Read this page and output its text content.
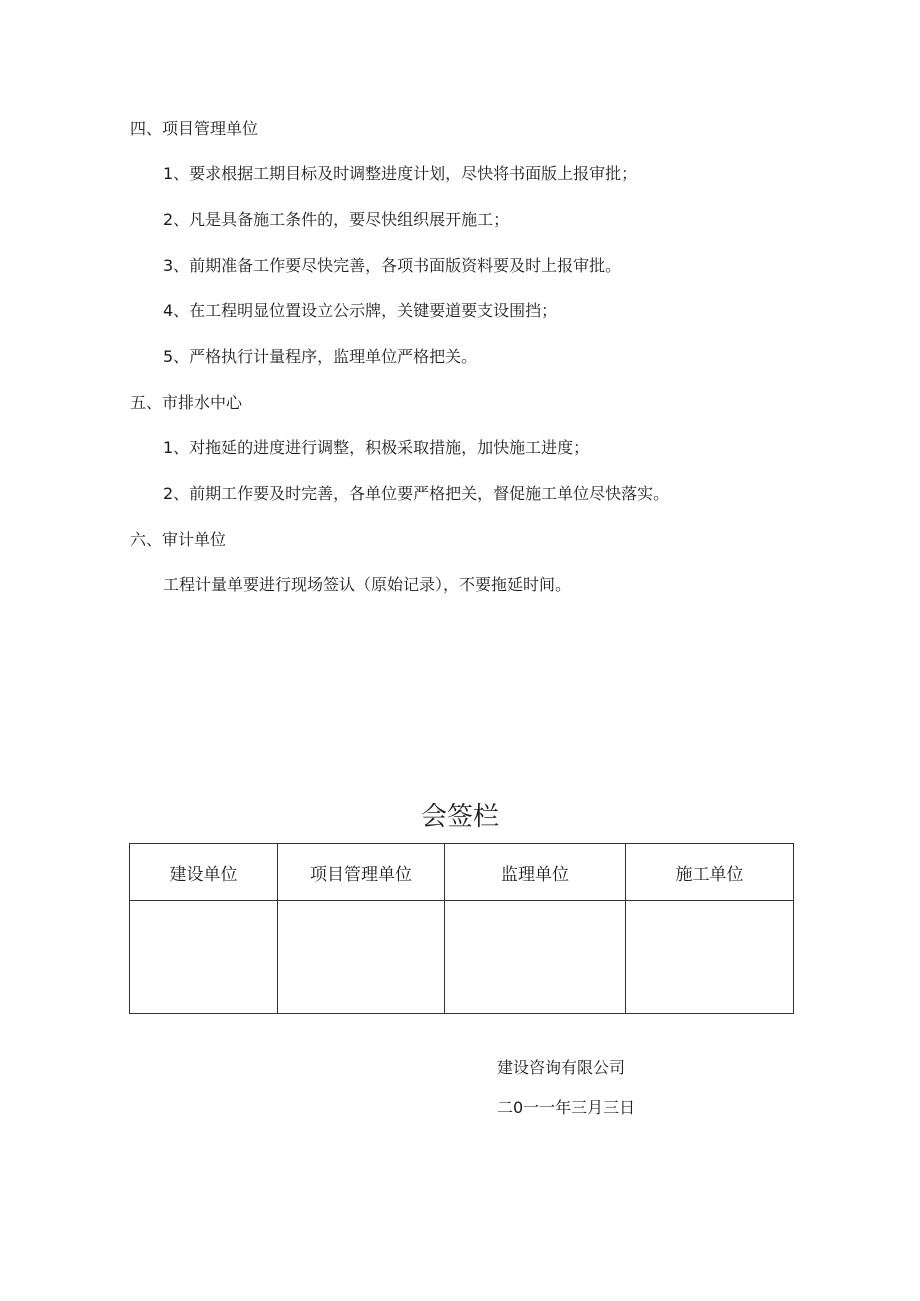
四、项目管理单位
1、要求根据工期目标及时调整进度计划，尽快将书面版上报审批；
2、凡是具备施工条件的，要尽快组织展开施工；
3、前期准备工作要尽快完善，各项书面版资料要及时上报审批。
4、在工程明显位置设立公示牌，关键要道要支设围挡；
5、严格执行计量程序，监理单位严格把关。
五、市排水中心
1、对拖延的进度进行调整，积极采取措施，加快施工进度；
2、前期工作要及时完善，各单位要严格把关，督促施工单位尽快落实。
六、审计单位
工程计量单要进行现场签认（原始记录），不要拖延时间。
会签栏
建设单位	项目管理单位	监理单位	施工单位

建设咨询有限公司
二0一一年三月三日
